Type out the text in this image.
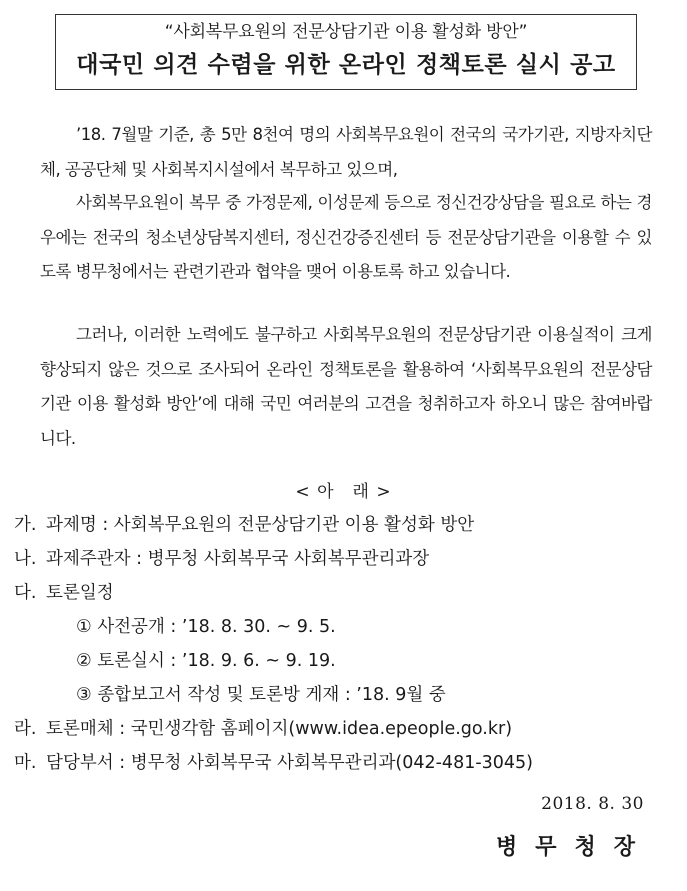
“사회복무요원의 전문상담기관 이용 활성화 방안”
대국민 의견 수렴을 위한 온라인 정책토론 실시 공고

’18. 7월말 기준, 총 5만 8천여 명의 사회복무요원이 전국의 국가기관, 지방자치단체, 공공단체 및 사회복지시설에서 복무하고 있으며,

사회복무요원이 복무 중 가정문제, 이성문제 등으로 정신건강상담을 필요로 하는 경우에는 전국의 청소년상담복지센터, 정신건강증진센터 등 전문상담기관을 이용할 수 있도록 병무청에서는 관련기관과 협약을 맺어 이용토록 하고 있습니다.

그러나, 이러한 노력에도 불구하고 사회복무요원의 전문상담기관 이용실적이 크게 향상되지 않은 것으로 조사되어 온라인 정책토론을 활용하여 ‘사회복무요원의 전문상담기관 이용 활성화 방안’에 대해 국민 여러분의 고견을 청취하고자 하오니 많은 참여바랍니다.

< 아　래 >

가. 과제명 : 사회복무요원의 전문상담기관 이용 활성화 방안
나. 과제주관자 : 병무청 사회복무국 사회복무관리과장
다. 토론일정
① 사전공개 : ’18. 8. 30. ~ 9. 5.
② 토론실시 : ’18. 9. 6. ~ 9. 19.
③ 종합보고서 작성 및 토론방 게재 : ’18. 9월 중
라. 토론매체 : 국민생각함 홈페이지(www.idea.epeople.go.kr)
마. 담당부서 : 병무청 사회복무국 사회복무관리과(042-481-3045)
2018. 8. 30
병무청장
